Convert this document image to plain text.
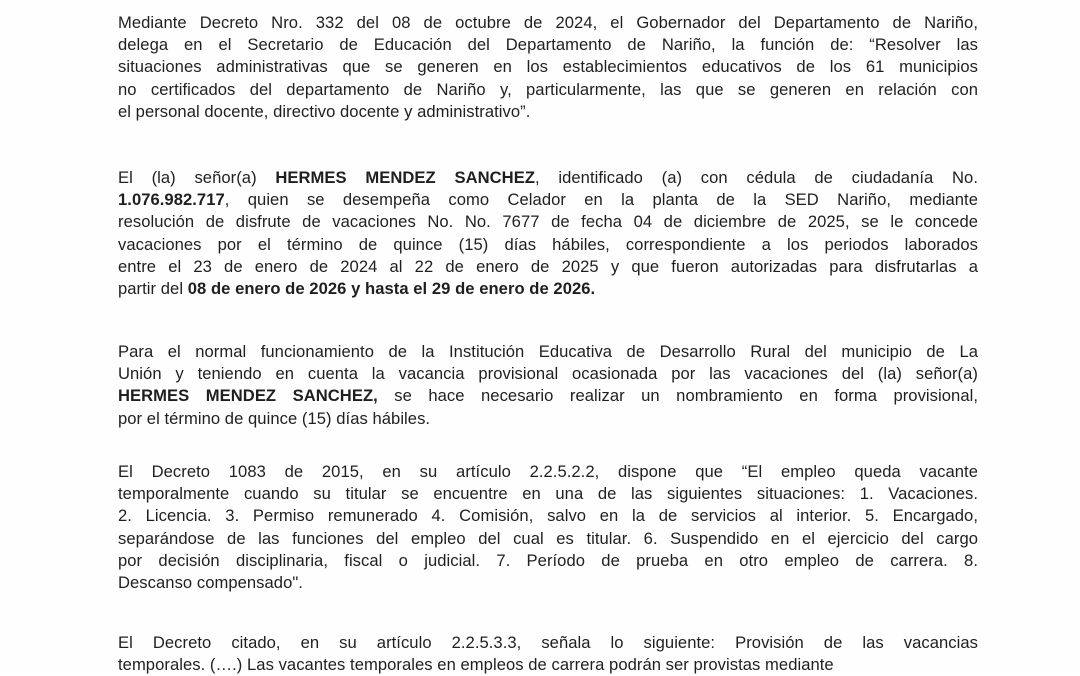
Mediante Decreto Nro. 332 del 08 de octubre de 2024, el Gobernador del Departamento de Nariño,
delega en el Secretario de Educación del Departamento de Nariño, la función de: “Resolver las
situaciones administrativas que se generen en los establecimientos educativos de los 61 municipios
no certificados del departamento de Nariño y, particularmente, las que se generen en relación con
el personal docente, directivo docente y administrativo”.
El (la) señor(a) HERMES MENDEZ SANCHEZ, identificado (a) con cédula de ciudadanía No.
1.076.982.717, quien se desempeña como Celador en la planta de la SED Nariño, mediante
resolución de disfrute de vacaciones No. No. 7677 de fecha 04 de diciembre de 2025, se le concede
vacaciones por el término de quince (15) días hábiles, correspondiente a los periodos laborados
entre el 23 de enero de 2024 al 22 de enero de 2025 y que fueron autorizadas para disfrutarlas a
partir del 08 de enero de 2026 y hasta el 29 de enero de 2026.
Para el normal funcionamiento de la Institución Educativa de Desarrollo Rural del municipio de La
Unión y teniendo en cuenta la vacancia provisional ocasionada por las vacaciones del (la) señor(a)
HERMES MENDEZ SANCHEZ, se hace necesario realizar un nombramiento en forma provisional,
por el término de quince (15) días hábiles.
El Decreto 1083 de 2015, en su artículo 2.2.5.2.2, dispone que “El empleo queda vacante
temporalmente cuando su titular se encuentre en una de las siguientes situaciones: 1. Vacaciones.
2. Licencia. 3. Permiso remunerado 4. Comisión, salvo en la de servicios al interior. 5. Encargado,
separándose de las funciones del empleo del cual es titular. 6. Suspendido en el ejercicio del cargo
por decisión disciplinaria, fiscal o judicial. 7. Período de prueba en otro empleo de carrera. 8.
Descanso compensado".
El Decreto citado, en su artículo 2.2.5.3.3, señala lo siguiente: Provisión de las vacancias
temporales. (….) Las vacantes temporales en empleos de carrera podrán ser provistas mediante
